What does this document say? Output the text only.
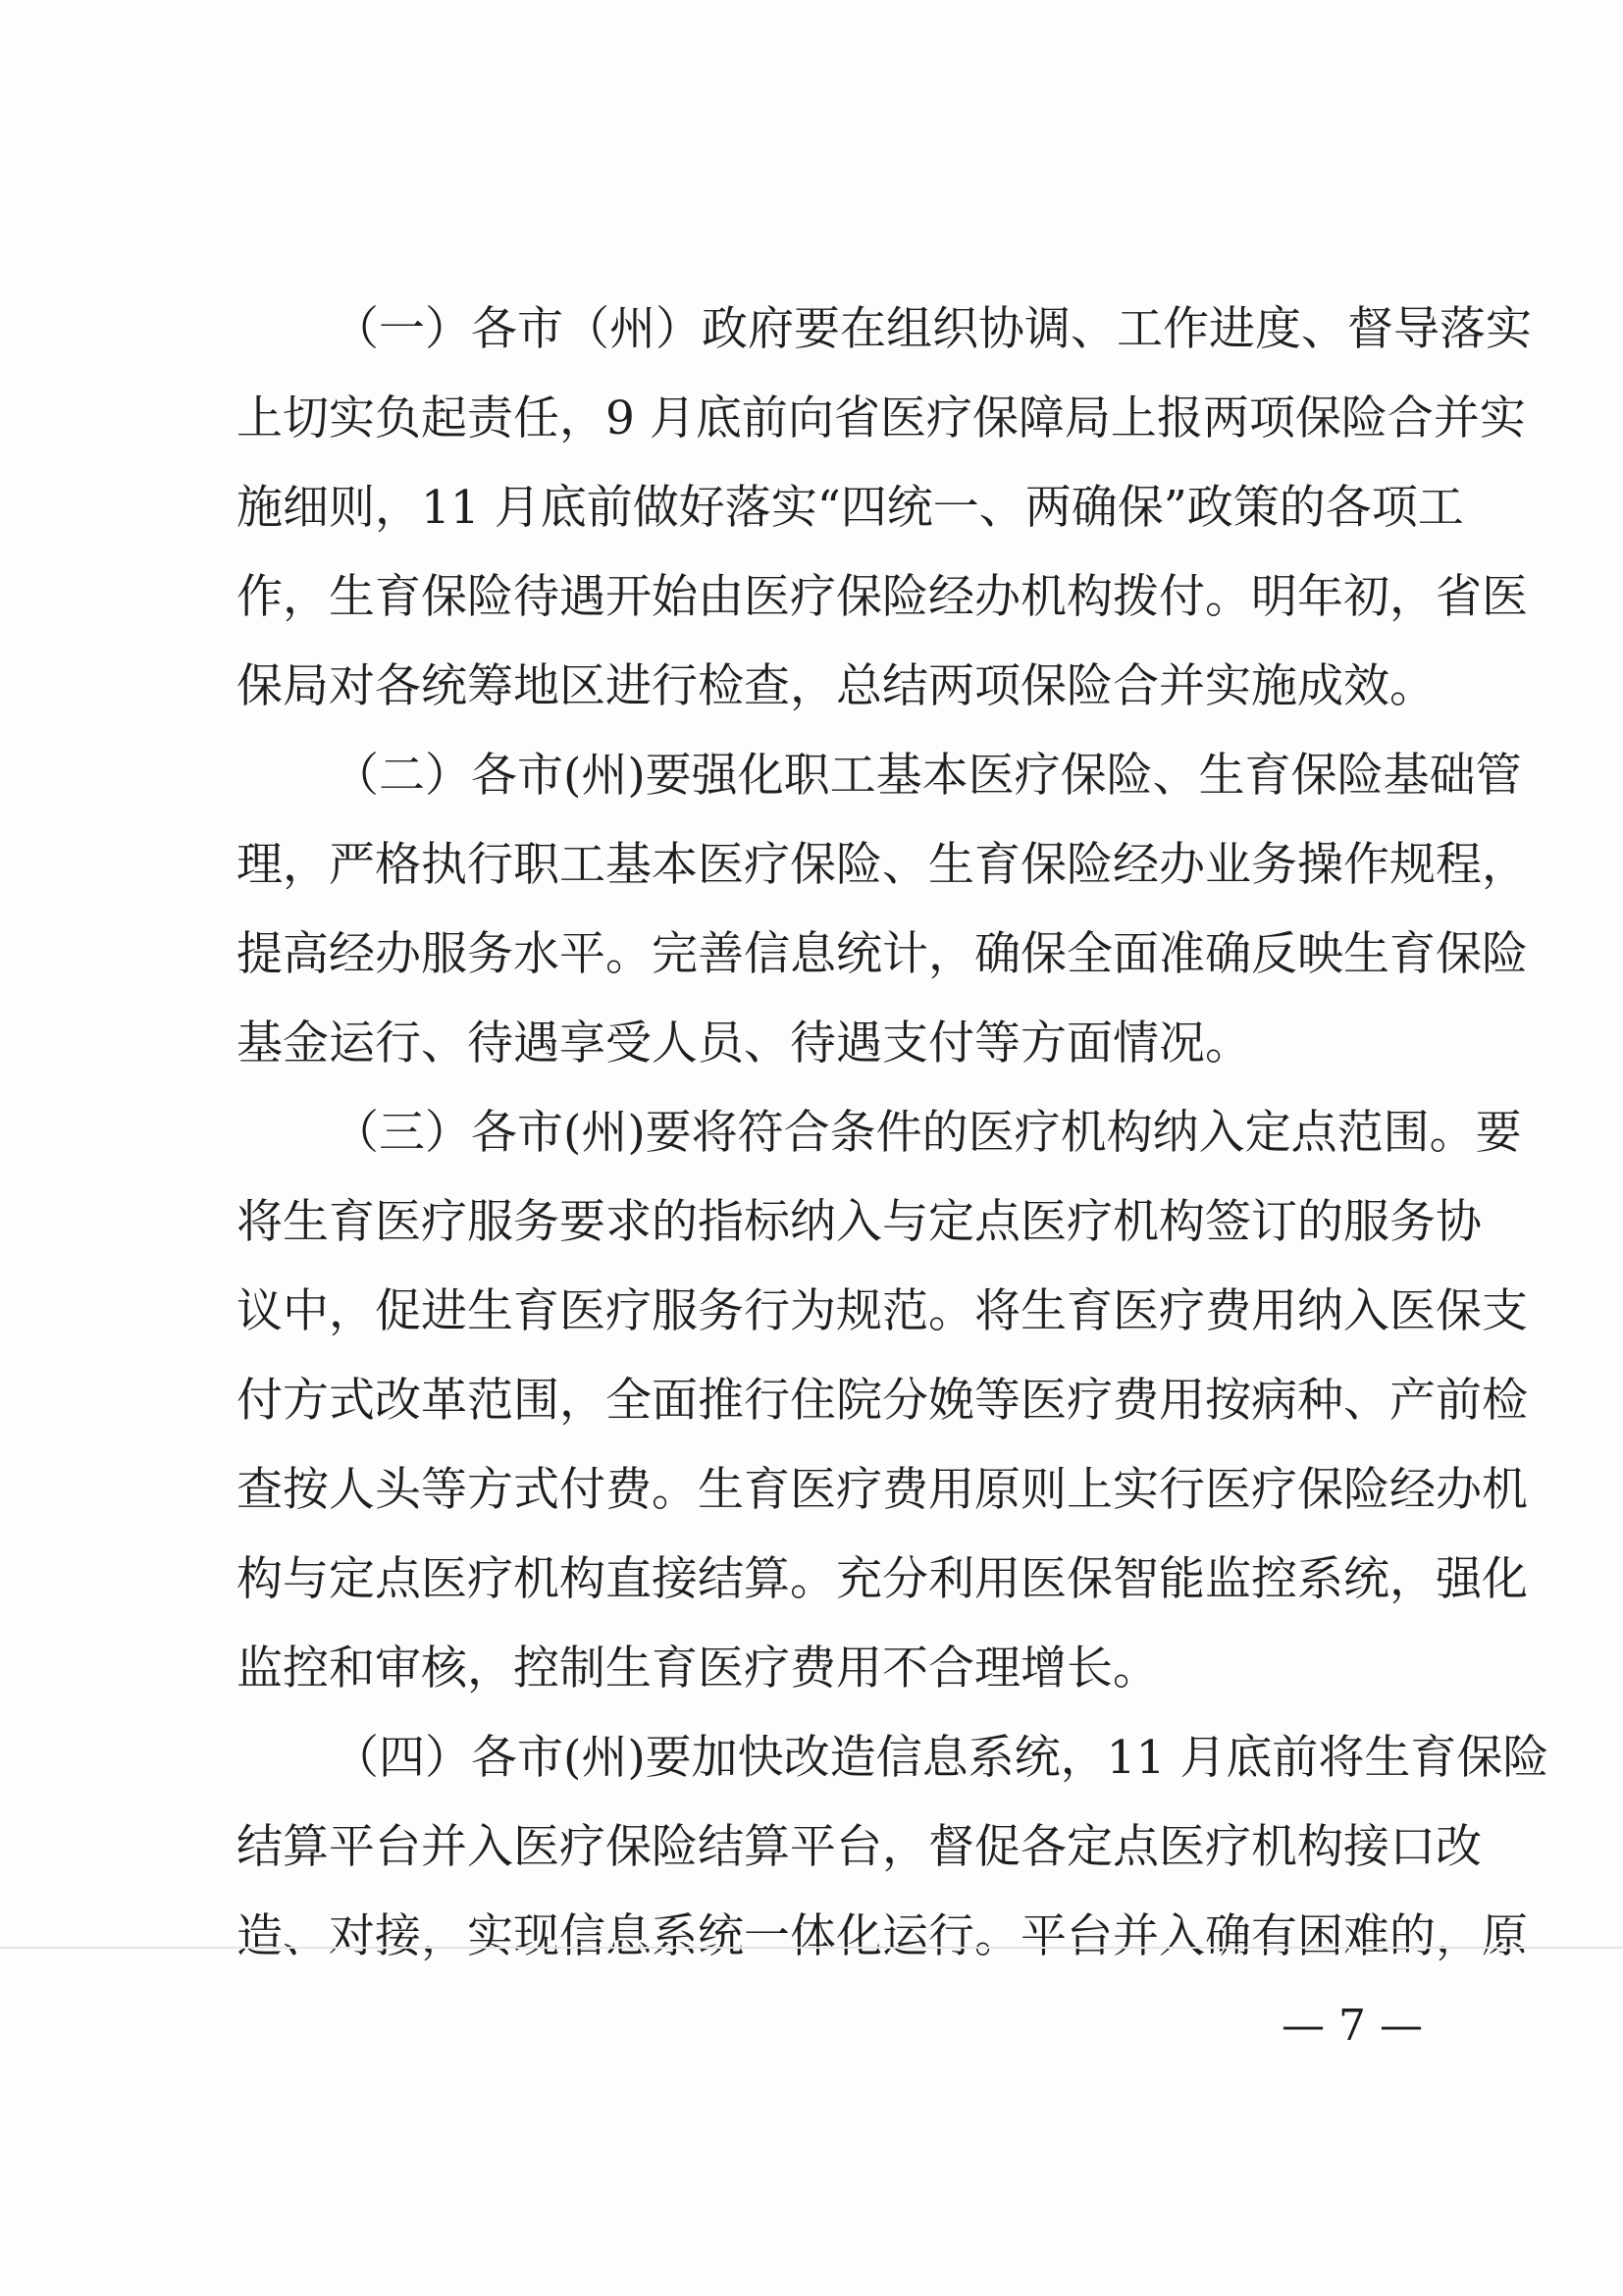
（一）各市（州）政府要在组织协调、工作进度、督导落实
上切实负起责任，9 月底前向省医疗保障局上报两项保险合并实
施细则，11 月底前做好落实“四统一、两确保”政策的各项工
作，生育保险待遇开始由医疗保险经办机构拨付。明年初，省医
保局对各统筹地区进行检查，总结两项保险合并实施成效。
（二）各市(州)要强化职工基本医疗保险、生育保险基础管
理，严格执行职工基本医疗保险、生育保险经办业务操作规程，
提高经办服务水平。完善信息统计，确保全面准确反映生育保险
基金运行、待遇享受人员、待遇支付等方面情况。
（三）各市(州)要将符合条件的医疗机构纳入定点范围。要
将生育医疗服务要求的指标纳入与定点医疗机构签订的服务协
议中，促进生育医疗服务行为规范。将生育医疗费用纳入医保支
付方式改革范围，全面推行住院分娩等医疗费用按病种、产前检
查按人头等方式付费。生育医疗费用原则上实行医疗保险经办机
构与定点医疗机构直接结算。充分利用医保智能监控系统，强化
监控和审核，控制生育医疗费用不合理增长。
（四）各市(州)要加快改造信息系统，11 月底前将生育保险
结算平台并入医疗保险结算平台，督促各定点医疗机构接口改
造、对接，实现信息系统一体化运行。平台并入确有困难的，原
— 7 —
